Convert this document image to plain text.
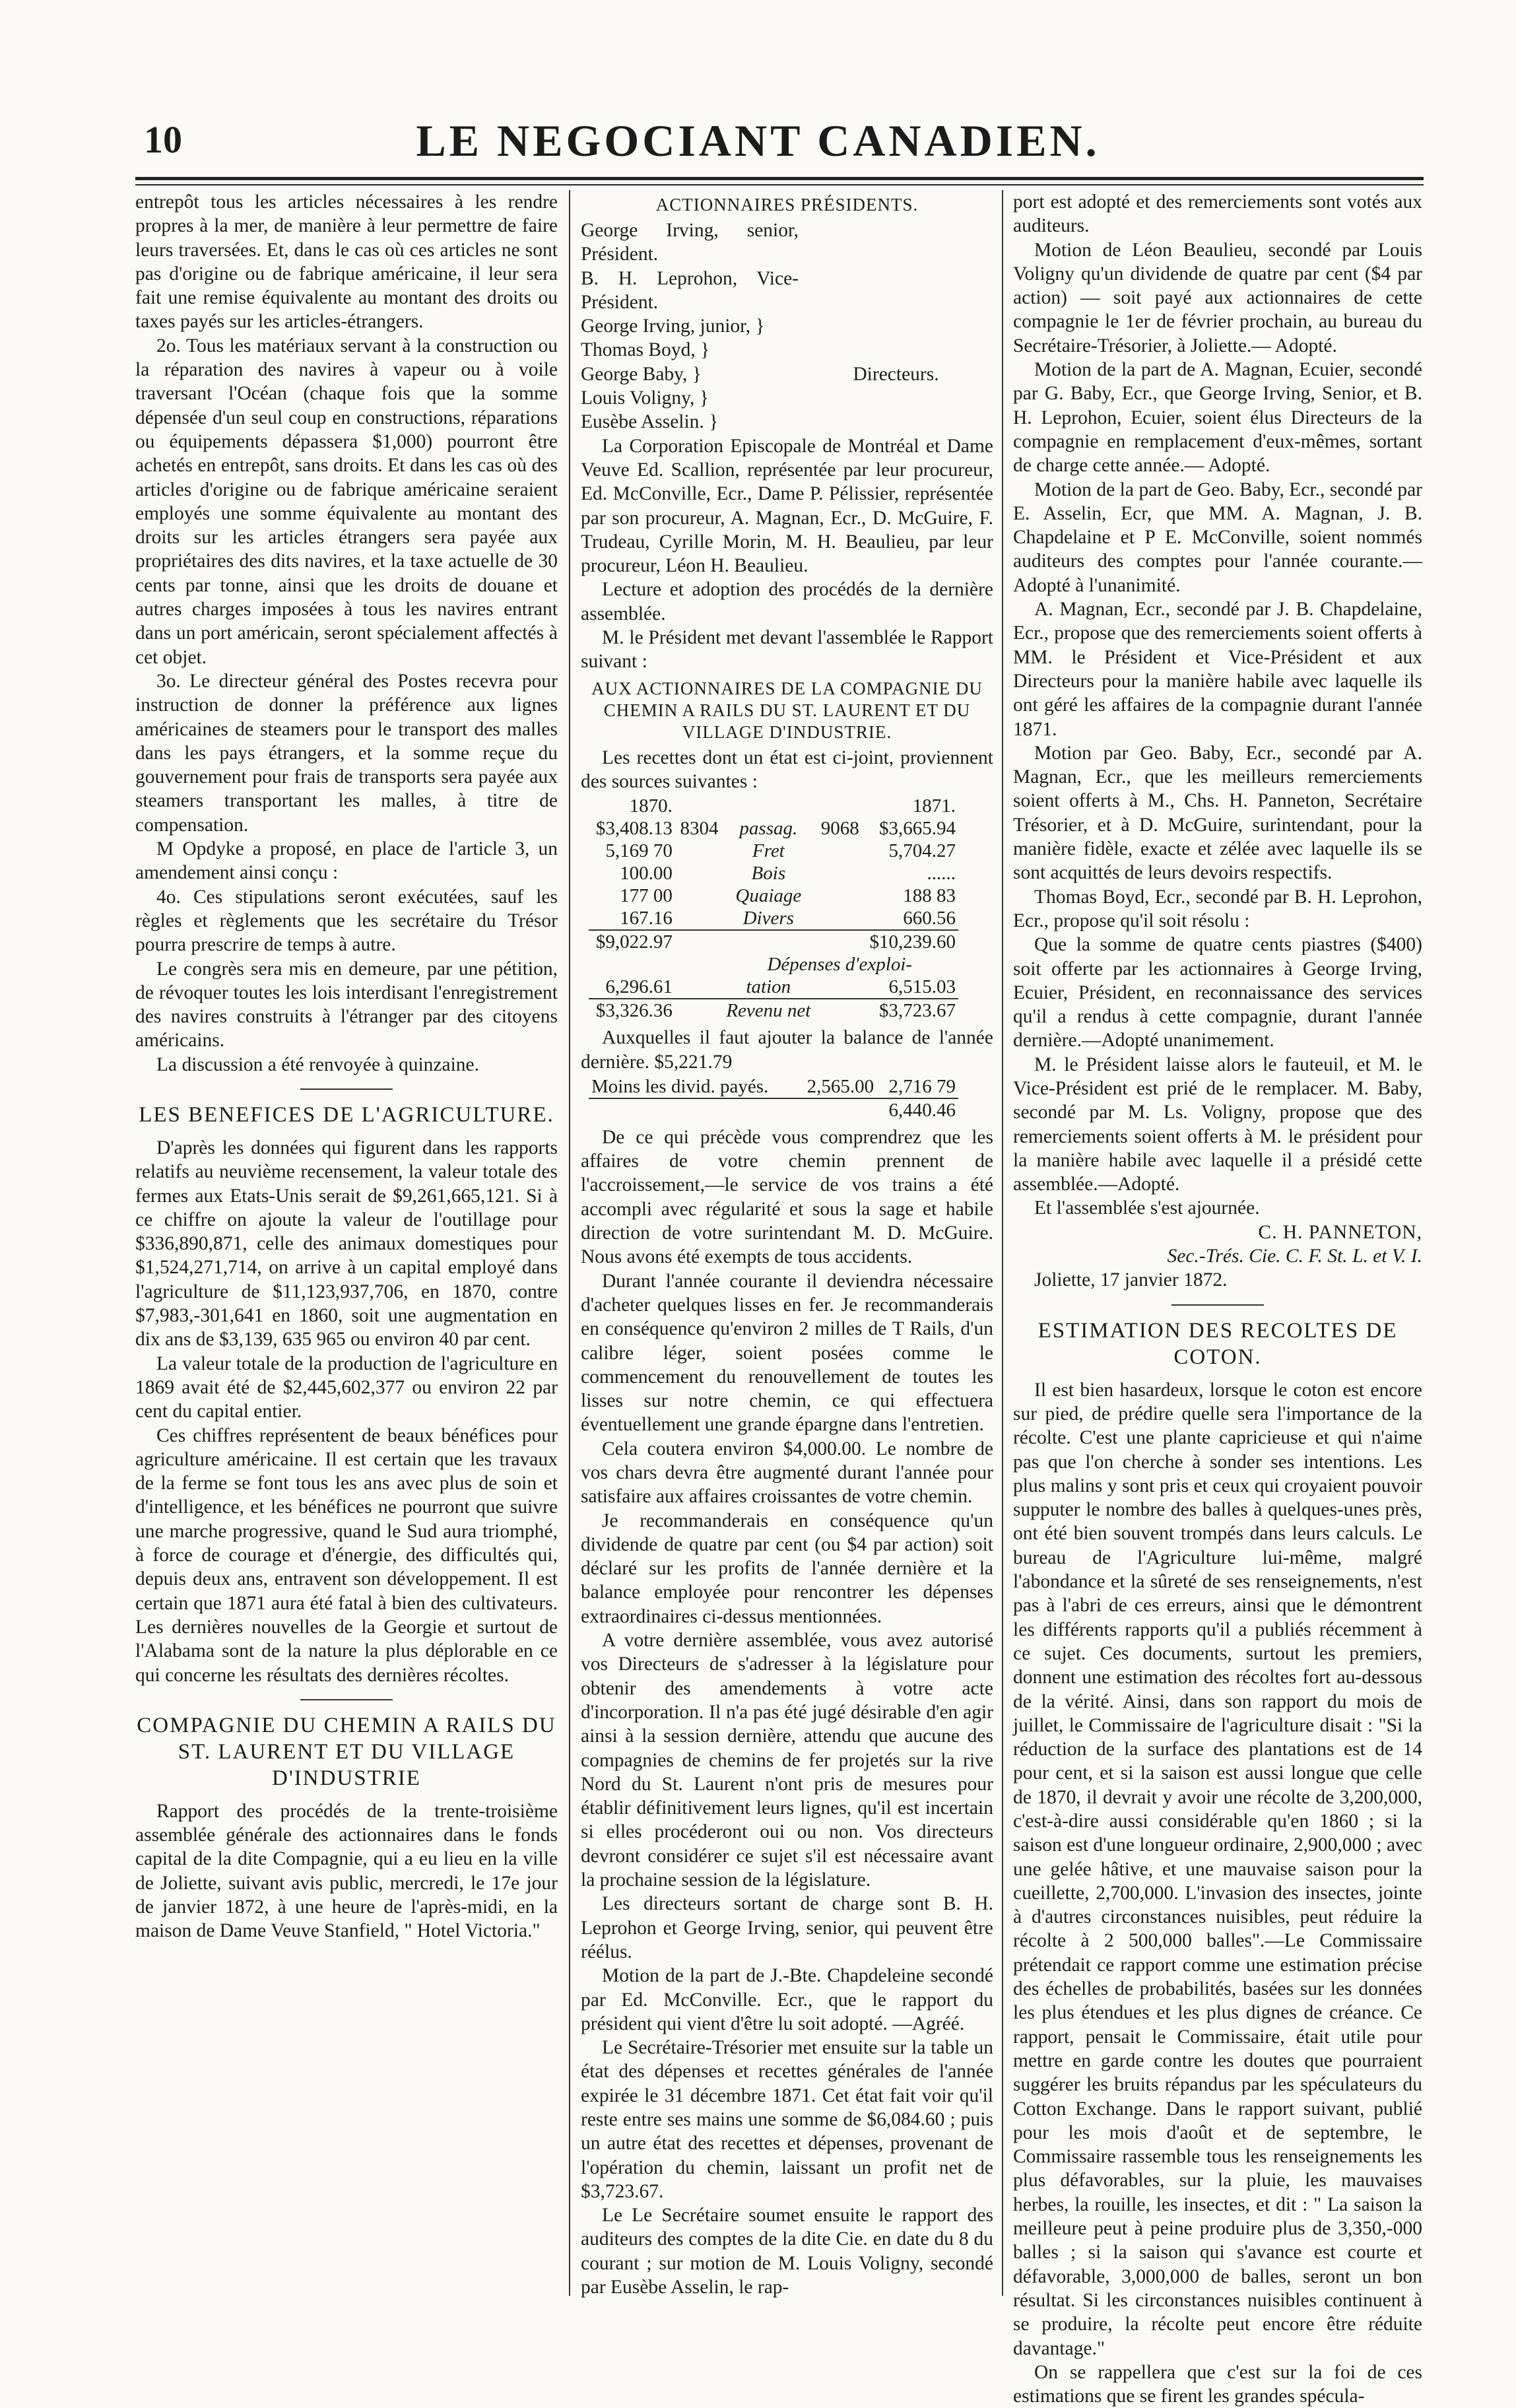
10	LE NEGOCIANT CANADIEN.

entrepôt tous les articles nécessaires à les rendre propres à la mer, de manière à leur permettre de faire leurs traversées. Et, dans le cas où ces articles ne sont pas d'origine ou de fabrique américaine, il leur sera fait une remise équivalente au montant des droits ou taxes payés sur les articles-étrangers.

2o. Tous les matériaux servant à la construction ou la réparation des navires à vapeur ou à voile traversant l'Océan (chaque fois que la somme dépensée d'un seul coup en constructions, réparations ou équipements dépassera $1,000) pourront être achetés en entrepôt, sans droits. Et dans les cas où des articles d'origine ou de fabrique américaine seraient employés une somme équivalente au montant des droits sur les articles étrangers sera payée aux propriétaires des dits navires, et la taxe actuelle de 30 cents par tonne, ainsi que les droits de douane et autres charges imposées à tous les navires entrant dans un port américain, seront spécialement affectés à cet objet.

3o. Le directeur général des Postes recevra pour instruction de donner la préférence aux lignes américaines de steamers pour le transport des malles dans les pays étrangers, et la somme reçue du gouvernement pour frais de transports sera payée aux steamers transportant les malles, à titre de compensation.

M Opdyke a proposé, en place de l'article 3, un amendement ainsi conçu :

4o. Ces stipulations seront exécutées, sauf les règles et règlements que les secrétaire du Trésor pourra prescrire de temps à autre.

Le congrès sera mis en demeure, par une pétition, de révoquer toutes les lois interdisant l'enregistrement des navires construits à l'étranger par des citoyens américains.

La discussion a été renvoyée à quinzaine.

LES BENEFICES DE L'AGRICULTURE.

D'après les données qui figurent dans les rapports relatifs au neuvième recensement, la valeur totale des fermes aux Etats-Unis serait de $9,261,665,121. Si à ce chiffre on ajoute la valeur de l'outillage pour $336,890,871, celle des animaux domestiques pour $1,524,271,714, on arrive à un capital employé dans l'agriculture de $11,123,937,706, en 1870, contre $7,983,-301,641 en 1860, soit une augmentation en dix ans de $3,139, 635 965 ou environ 40 par cent.

La valeur totale de la production de l'agriculture en 1869 avait été de $2,445,602,377 ou environ 22 par cent du capital entier.

Ces chiffres représentent de beaux bénéfices pour agriculture américaine. Il est certain que les travaux de la ferme se font tous les ans avec plus de soin et d'intelligence, et les bénéfices ne pourront que suivre une marche progressive, quand le Sud aura triomphé, à force de courage et d'énergie, des difficultés qui, depuis deux ans, entravent son développement. Il est certain que 1871 aura été fatal à bien des cultivateurs. Les dernières nouvelles de la Georgie et surtout de l'Alabama sont de la nature la plus déplorable en ce qui concerne les résultats des dernières récoltes.

COMPAGNIE DU CHEMIN A RAILS DU ST. LAURENT ET DU VILLAGE D'INDUSTRIE

Rapport des procédés de la trente-troisième assemblée générale des actionnaires dans le fonds capital de la dite Compagnie, qui a eu lieu en la ville de Joliette, suivant avis public, mercredi, le 17e jour de janvier 1872, à une heure de l'après-midi, en la maison de Dame Veuve Stanfield, " Hotel Victoria."

ACTIONNAIRES PRÉSIDENTS.
George Irving, senior, Président.
B. H. Leprohon, Vice-Président.
George Irving, junior, }
Thomas Boyd, }
George Baby, }	Directeurs.
Louis Voligny, }
Eusèbe Asselin. }

La Corporation Episcopale de Montréal et Dame Veuve Ed. Scallion, représentée par leur procureur, Ed. McConville, Ecr., Dame P. Pélissier, représentée par son procureur, A. Magnan, Ecr., D. McGuire, F. Trudeau, Cyrille Morin, M. H. Beaulieu, par leur procureur, Léon H. Beaulieu.

Lecture et adoption des procédés de la dernière assemblée.

M. le Président met devant l'assemblée le Rapport suivant :

AUX ACTIONNAIRES DE LA COMPAGNIE DU CHEMIN A RAILS DU ST. LAURENT ET DU VILLAGE D'INDUSTRIE.

Les recettes dont un état est ci-joint, proviennent des sources suivantes :

1870.				1871.
$3,408.13	8304	passag.	9068	$3,665.94
5,169 70		Fret		5,704.27
100.00		Bois		......
177 00		Quaiage		188 83
167.16		Divers		660.56
$9,022.97				$10,239.60
		Dépenses d'exploi-		
6,296.61		tation		6,515.03
$3,326.36		Revenu net		$3,723.67

Auxquelles il faut ajouter la balance de l'année dernière. $5,221.79

Moins les divid. payés.	2,565.00	2,716 79
		6,440.46

De ce qui précède vous comprendrez que les affaires de votre chemin prennent de l'accroissement,—le service de vos trains a été accompli avec régularité et sous la sage et habile direction de votre surintendant M. D. McGuire. Nous avons été exempts de tous accidents.

Durant l'année courante il deviendra nécessaire d'acheter quelques lisses en fer. Je recommanderais en conséquence qu'environ 2 milles de T Rails, d'un calibre léger, soient posées comme le commencement du renouvellement de toutes les lisses sur notre chemin, ce qui effectuera éventuellement une grande épargne dans l'entretien.

Cela coutera environ $4,000.00. Le nombre de vos chars devra être augmenté durant l'année pour satisfaire aux affaires croissantes de votre chemin.

Je recommanderais en conséquence qu'un dividende de quatre par cent (ou $4 par action) soit déclaré sur les profits de l'année dernière et la balance employée pour rencontrer les dépenses extraordinaires ci-dessus mentionnées.

A votre dernière assemblée, vous avez autorisé vos Directeurs de s'adresser à la législature pour obtenir des amendements à votre acte d'incorporation. Il n'a pas été jugé désirable d'en agir ainsi à la session dernière, attendu que aucune des compagnies de chemins de fer projetés sur la rive Nord du St. Laurent n'ont pris de mesures pour établir définitivement leurs lignes, qu'il est incertain si elles procéderont oui ou non. Vos directeurs devront considérer ce sujet s'il est nécessaire avant la prochaine session de la législature.

Les directeurs sortant de charge sont B. H. Leprohon et George Irving, senior, qui peuvent être réélus.

Motion de la part de J.-Bte. Chapdeleine secondé par Ed. McConville. Ecr., que le rapport du président qui vient d'être lu soit adopté. —Agréé.

Le Secrétaire-Trésorier met ensuite sur la table un état des dépenses et recettes générales de l'année expirée le 31 décembre 1871. Cet état fait voir qu'il reste entre ses mains une somme de $6,084.60 ; puis un autre état des recettes et dépenses, provenant de l'opération du chemin, laissant un profit net de $3,723.67.

Le Le Secrétaire soumet ensuite le rapport des auditeurs des comptes de la dite Cie. en date du 8 du courant ; sur motion de M. Louis Voligny, secondé par Eusèbe Asselin, le rap-

port est adopté et des remerciements sont votés aux auditeurs.

Motion de Léon Beaulieu, secondé par Louis Voligny qu'un dividende de quatre par cent ($4 par action) — soit payé aux actionnaires de cette compagnie le 1er de février prochain, au bureau du Secrétaire-Trésorier, à Joliette.— Adopté.

Motion de la part de A. Magnan, Ecuier, secondé par G. Baby, Ecr., que George Irving, Senior, et B. H. Leprohon, Ecuier, soient élus Directeurs de la compagnie en remplacement d'eux-mêmes, sortant de charge cette année.— Adopté.

Motion de la part de Geo. Baby, Ecr., secondé par E. Asselin, Ecr, que MM. A. Magnan, J. B. Chapdelaine et P E. McConville, soient nommés auditeurs des comptes pour l'année courante.—Adopté à l'unanimité.

A. Magnan, Ecr., secondé par J. B. Chapdelaine, Ecr., propose que des remerciements soient offerts à MM. le Président et Vice-Président et aux Directeurs pour la manière habile avec laquelle ils ont géré les affaires de la compagnie durant l'année 1871.

Motion par Geo. Baby, Ecr., secondé par A. Magnan, Ecr., que les meilleurs remerciements soient offerts à M., Chs. H. Panneton, Secrétaire Trésorier, et à D. McGuire, surintendant, pour la manière fidèle, exacte et zélée avec laquelle ils se sont acquittés de leurs devoirs respectifs.

Thomas Boyd, Ecr., secondé par B. H. Leprohon, Ecr., propose qu'il soit résolu :

Que la somme de quatre cents piastres ($400) soit offerte par les actionnaires à George Irving, Ecuier, Président, en reconnaissance des services qu'il a rendus à cette compagnie, durant l'année dernière.—Adopté unanimement.

M. le Président laisse alors le fauteuil, et M. le Vice-Président est prié de le remplacer. M. Baby, secondé par M. Ls. Voligny, propose que des remerciements soient offerts à M. le président pour la manière habile avec laquelle il a présidé cette assemblée.—Adopté.

Et l'assemblée s'est ajournée.

C. H. PANNETON,
Sec.-Trés. Cie. C. F. St. L. et V. I.

Joliette, 17 janvier 1872.

ESTIMATION DES RECOLTES DE COTON.

Il est bien hasardeux, lorsque le coton est encore sur pied, de prédire quelle sera l'importance de la récolte. C'est une plante capricieuse et qui n'aime pas que l'on cherche à sonder ses intentions. Les plus malins y sont pris et ceux qui croyaient pouvoir supputer le nombre des balles à quelques-unes près, ont été bien souvent trompés dans leurs calculs. Le bureau de l'Agriculture lui-même, malgré l'abondance et la sûreté de ses renseignements, n'est pas à l'abri de ces erreurs, ainsi que le démontrent les différents rapports qu'il a publiés récemment à ce sujet. Ces documents, surtout les premiers, donnent une estimation des récoltes fort au-dessous de la vérité. Ainsi, dans son rapport du mois de juillet, le Commissaire de l'agriculture disait : "Si la réduction de la surface des plantations est de 14 pour cent, et si la saison est aussi longue que celle de 1870, il devrait y avoir une récolte de 3,200,000, c'est-à-dire aussi considérable qu'en 1860 ; si la saison est d'une longueur ordinaire, 2,900,000 ; avec une gelée hâtive, et une mauvaise saison pour la cueillette, 2,700,000. L'invasion des insectes, jointe à d'autres circonstances nuisibles, peut réduire la récolte à 2 500,000 balles".—Le Commissaire prétendait ce rapport comme une estimation précise des échelles de probabilités, basées sur les données les plus étendues et les plus dignes de créance. Ce rapport, pensait le Commissaire, était utile pour mettre en garde contre les doutes que pourraient suggérer les bruits répandus par les spéculateurs du Cotton Exchange. Dans le rapport suivant, publié pour les mois d'août et de septembre, le Commissaire rassemble tous les renseignements les plus défavorables, sur la pluie, les mauvaises herbes, la rouille, les insectes, et dit : " La saison la meilleure peut à peine produire plus de 3,350,-000 balles ; si la saison qui s'avance est courte et défavorable, 3,000,000 de balles, seront un bon résultat. Si les circonstances nuisibles continuent à se produire, la récolte peut encore être réduite davantage."

On se rappellera que c'est sur la foi de ces estimations que se firent les grandes spécula-
